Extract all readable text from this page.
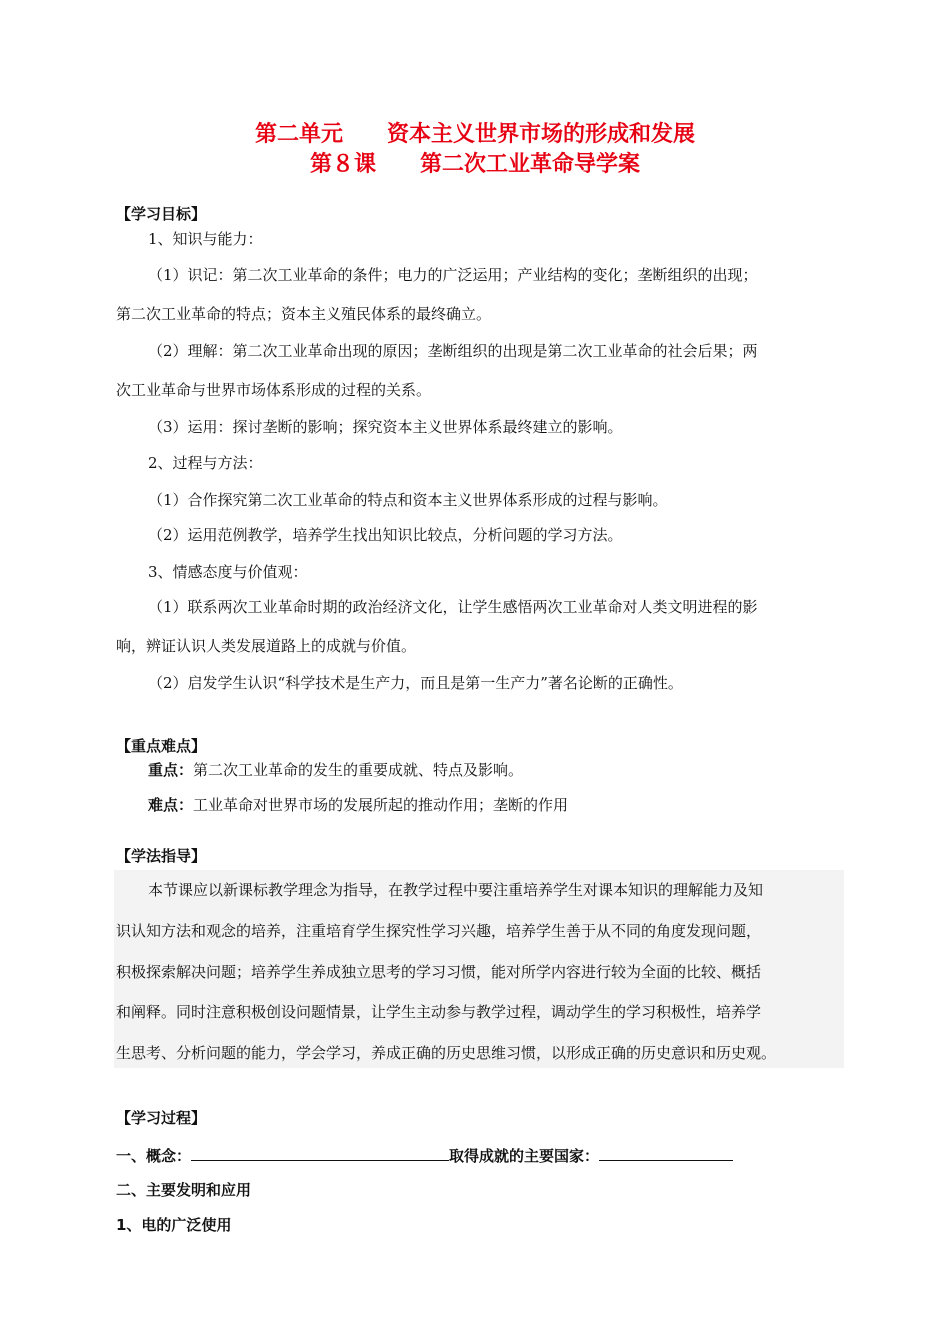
第二单元　　资本主义世界市场的形成和发展
第８课　　第二次工业革命导学案
【学习目标】
1、知识与能力：
（1）识记：第二次工业革命的条件；电力的广泛运用；产业结构的变化；垄断组织的出现；
第二次工业革命的特点；资本主义殖民体系的最终确立。
（2）理解：第二次工业革命出现的原因；垄断组织的出现是第二次工业革命的社会后果；两
次工业革命与世界市场体系形成的过程的关系。
（3）运用：探讨垄断的影响；探究资本主义世界体系最终建立的影响。
2、过程与方法：
（1）合作探究第二次工业革命的特点和资本主义世界体系形成的过程与影响。
（2）运用范例教学，培养学生找出知识比较点，分析问题的学习方法。
3、情感态度与价值观：
（1）联系两次工业革命时期的政治经济文化，让学生感悟两次工业革命对人类文明进程的影
响，辨证认识人类发展道路上的成就与价值。
（2）启发学生认识“科学技术是生产力，而且是第一生产力”著名论断的正确性。
【重点难点】
重点：第二次工业革命的发生的重要成就、特点及影响。
难点：工业革命对世界市场的发展所起的推动作用；垄断的作用
【学法指导】
本节课应以新课标教学理念为指导，在教学过程中要注重培养学生对课本知识的理解能力及知
识认知方法和观念的培养，注重培育学生探究性学习兴趣，培养学生善于从不同的角度发现问题，
积极探索解决问题；培养学生养成独立思考的学习习惯，能对所学内容进行较为全面的比较、概括
和阐释。同时注意积极创设问题情景，让学生主动参与教学过程，调动学生的学习积极性，培养学
生思考、分析问题的能力，学会学习，养成正确的历史思维习惯，以形成正确的历史意识和历史观。
【学习过程】
一、概念：	取得成就的主要国家：
二、主要发明和应用
1、电的广泛使用
